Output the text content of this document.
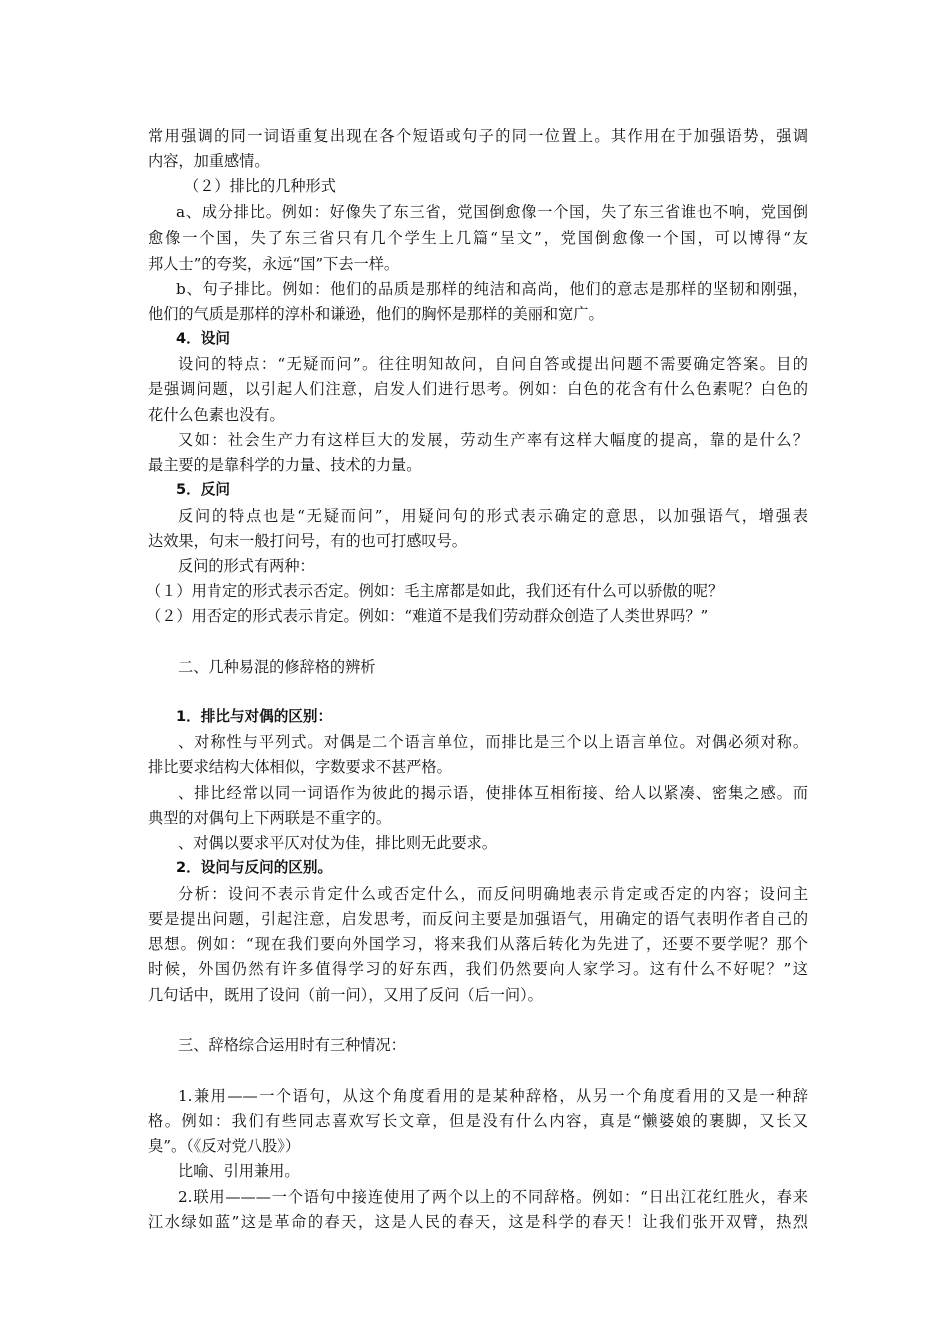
常用强调的同一词语重复出现在各个短语或句子的同一位置上。其作用在于加强语势，强调
内容，加重感情。
（２）排比的几种形式
a、成分排比。例如：好像失了东三省，党国倒愈像一个国，失了东三省谁也不响，党国倒
愈像一个国，失了东三省只有几个学生上几篇“呈文”，党国倒愈像一个国，可以博得“友
邦人士”的夸奖，永远“国”下去一样。
b、句子排比。例如：他们的品质是那样的纯洁和高尚，他们的意志是那样的坚韧和刚强，
他们的气质是那样的淳朴和谦逊，他们的胸怀是那样的美丽和宽广。
4．设问
设问的特点：“无疑而问”。往往明知故问，自问自答或提出问题不需要确定答案。目的
是强调问题，以引起人们注意，启发人们进行思考。例如：白色的花含有什么色素呢？白色的
花什么色素也没有。
又如：社会生产力有这样巨大的发展，劳动生产率有这样大幅度的提高，靠的是什么？
最主要的是靠科学的力量、技术的力量。
5．反问
反问的特点也是“无疑而问”，用疑问句的形式表示确定的意思，以加强语气，增强表
达效果，句末一般打问号，有的也可打感叹号。
反问的形式有两种：
（１）用肯定的形式表示否定。例如：毛主席都是如此，我们还有什么可以骄傲的呢？
（２）用否定的形式表示肯定。例如：“难道不是我们劳动群众创造了人类世界吗？”
二、几种易混的修辞格的辨析
1．排比与对偶的区别：
、对称性与平列式。对偶是二个语言单位，而排比是三个以上语言单位。对偶必须对称。
排比要求结构大体相似，字数要求不甚严格。
、排比经常以同一词语作为彼此的揭示语，使排体互相衔接、给人以紧凑、密集之感。而
典型的对偶句上下两联是不重字的。
、对偶以要求平仄对仗为佳，排比则无此要求。
2．设问与反问的区别。
分析：设问不表示肯定什么或否定什么，而反问明确地表示肯定或否定的内容；设问主
要是提出问题，引起注意，启发思考，而反问主要是加强语气，用确定的语气表明作者自己的
思想。例如：“现在我们要向外国学习，将来我们从落后转化为先进了，还要不要学呢？那个
时候，外国仍然有许多值得学习的好东西，我们仍然要向人家学习。这有什么不好呢？”这
几句话中，既用了设问（前一问），又用了反问（后一问）。
三、辞格综合运用时有三种情况：
1.兼用——一个语句，从这个角度看用的是某种辞格，从另一个角度看用的又是一种辞
格。例如：我们有些同志喜欢写长文章，但是没有什么内容，真是“懒婆娘的裹脚，又长又
臭”。（《反对党八股》）
比喻、引用兼用。
2.联用———一个语句中接连使用了两个以上的不同辞格。例如：“日出江花红胜火，春来
江水绿如蓝”这是革命的春天，这是人民的春天，这是科学的春天！让我们张开双臂，热烈
